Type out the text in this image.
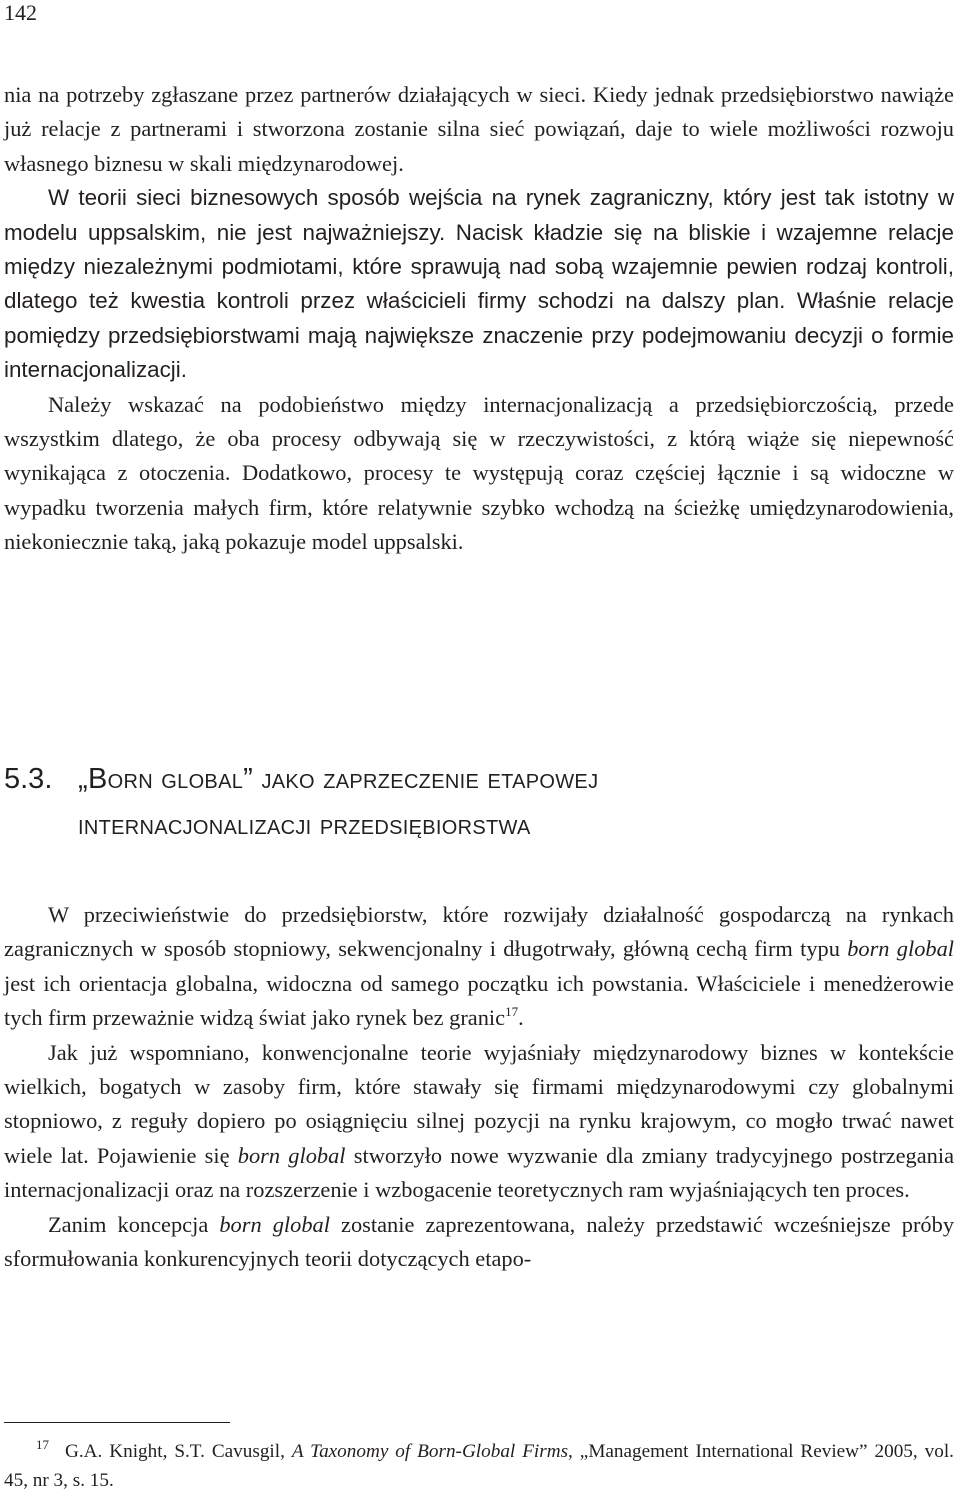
142

nia na potrzeby zgłaszane przez partnerów działających w sieci. Kiedy jednak przedsiębiorstwo nawiąże już relacje z partnerami i stworzona zostanie silna sieć powiązań, daje to wiele możliwości rozwoju własnego biznesu w skali międzynarodowej.

W teorii sieci biznesowych sposób wejścia na rynek zagraniczny, który jest tak istotny w modelu uppsalskim, nie jest najważniejszy. Nacisk kładzie się na bliskie i wzajemne relacje między niezależnymi podmiotami, które sprawują nad sobą wzajemnie pewien rodzaj kontroli, dlatego też kwestia kontroli przez właścicieli firmy schodzi na dalszy plan. Właśnie relacje pomiędzy przedsiębiorstwami mają największe znaczenie przy podejmowaniu decyzji o formie internacjonalizacji.

Należy wskazać na podobieństwo między internacjonalizacją a przedsiębiorczością, przede wszystkim dlatego, że oba procesy odbywają się w rzeczywistości, z którą wiąże się niepewność wynikająca z otoczenia. Dodatkowo, procesy te występują coraz częściej łącznie i są widoczne w wypadku tworzenia małych firm, które relatywnie szybko wchodzą na ścieżkę umiędzynarodowienia, niekoniecznie taką, jaką pokazuje model uppsalski.

5.3. „Born global” jako zaprzeczenie etapowej
internacjonalizacji przedsiębiorstwa

W przeciwieństwie do przedsiębiorstw, które rozwijały działalność gospodarczą na rynkach zagranicznych w sposób stopniowy, sekwencjonalny i długotrwały, główną cechą firm typu born global jest ich orientacja globalna, widoczna od samego początku ich powstania. Właściciele i menedżerowie tych firm przeważnie widzą świat jako rynek bez granic$^{17}$.

Jak już wspomniano, konwencjonalne teorie wyjaśniały międzynarodowy biznes w kontekście wielkich, bogatych w zasoby firm, które stawały się firmami międzynarodowymi czy globalnymi stopniowo, z reguły dopiero po osiągnięciu silnej pozycji na rynku krajowym, co mogło trwać nawet wiele lat. Pojawienie się born global stworzyło nowe wyzwanie dla zmiany tradycyjnego postrzegania internacjonalizacji oraz na rozszerzenie i wzbogacenie teoretycznych ram wyjaśniających ten proces.

Zanim koncepcja born global zostanie zaprezentowana, należy przedstawić wcześniejsze próby sformułowania konkurencyjnych teorii dotyczących etapo-

$^{17}$ G.A. Knight, S.T. Cavusgil, A Taxonomy of Born-Global Firms, „Management International Review” 2005, vol. 45, nr 3, s. 15.
